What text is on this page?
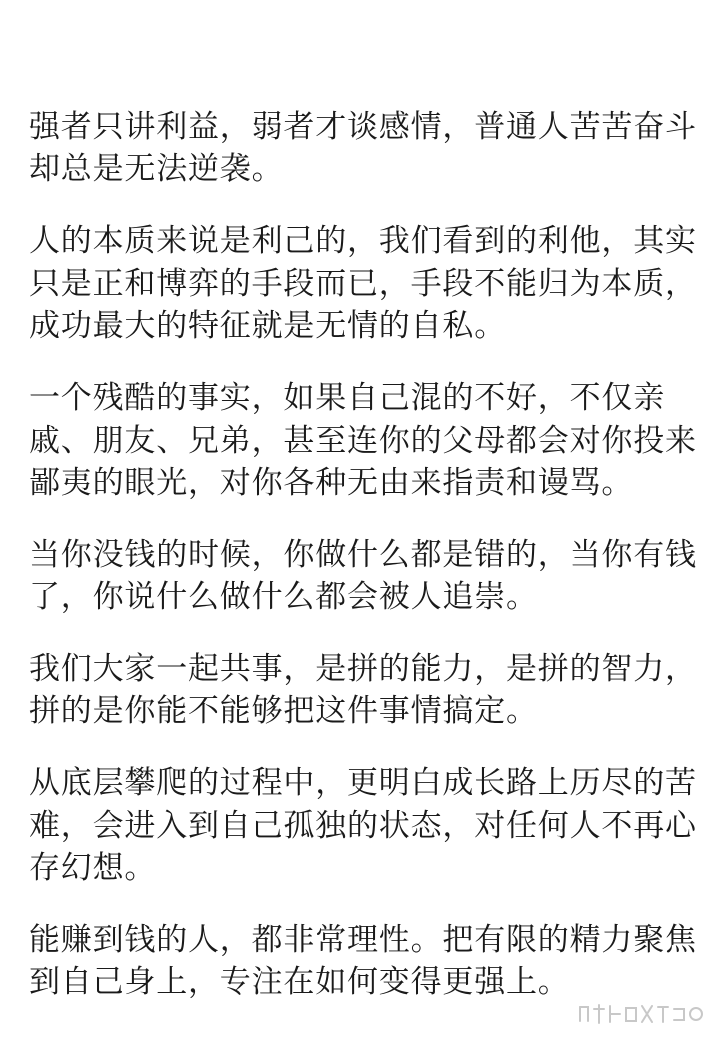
强者只讲利益，弱者才谈感情，普通人苦苦奋斗
却总是无法逆袭。
人的本质来说是利己的，我们看到的利他，其实
只是正和博弈的手段而已，手段不能归为本质，
成功最大的特征就是无情的自私。
一个残酷的事实，如果自己混的不好，不仅亲
戚、朋友、兄弟，甚至连你的父母都会对你投来
鄙夷的眼光，对你各种无由来指责和谩骂。
当你没钱的时候，你做什么都是错的，当你有钱
了，你说什么做什么都会被人追崇。
我们大家一起共事，是拼的能力，是拼的智力，
拼的是你能不能够把这件事情搞定。
从底层攀爬的过程中，更明白成长路上历尽的苦
难，会进入到自己孤独的状态，对任何人不再心
存幻想。
能赚到钱的人，都非常理性。把有限的精力聚焦
到自己身上，专注在如何变得更强上。
